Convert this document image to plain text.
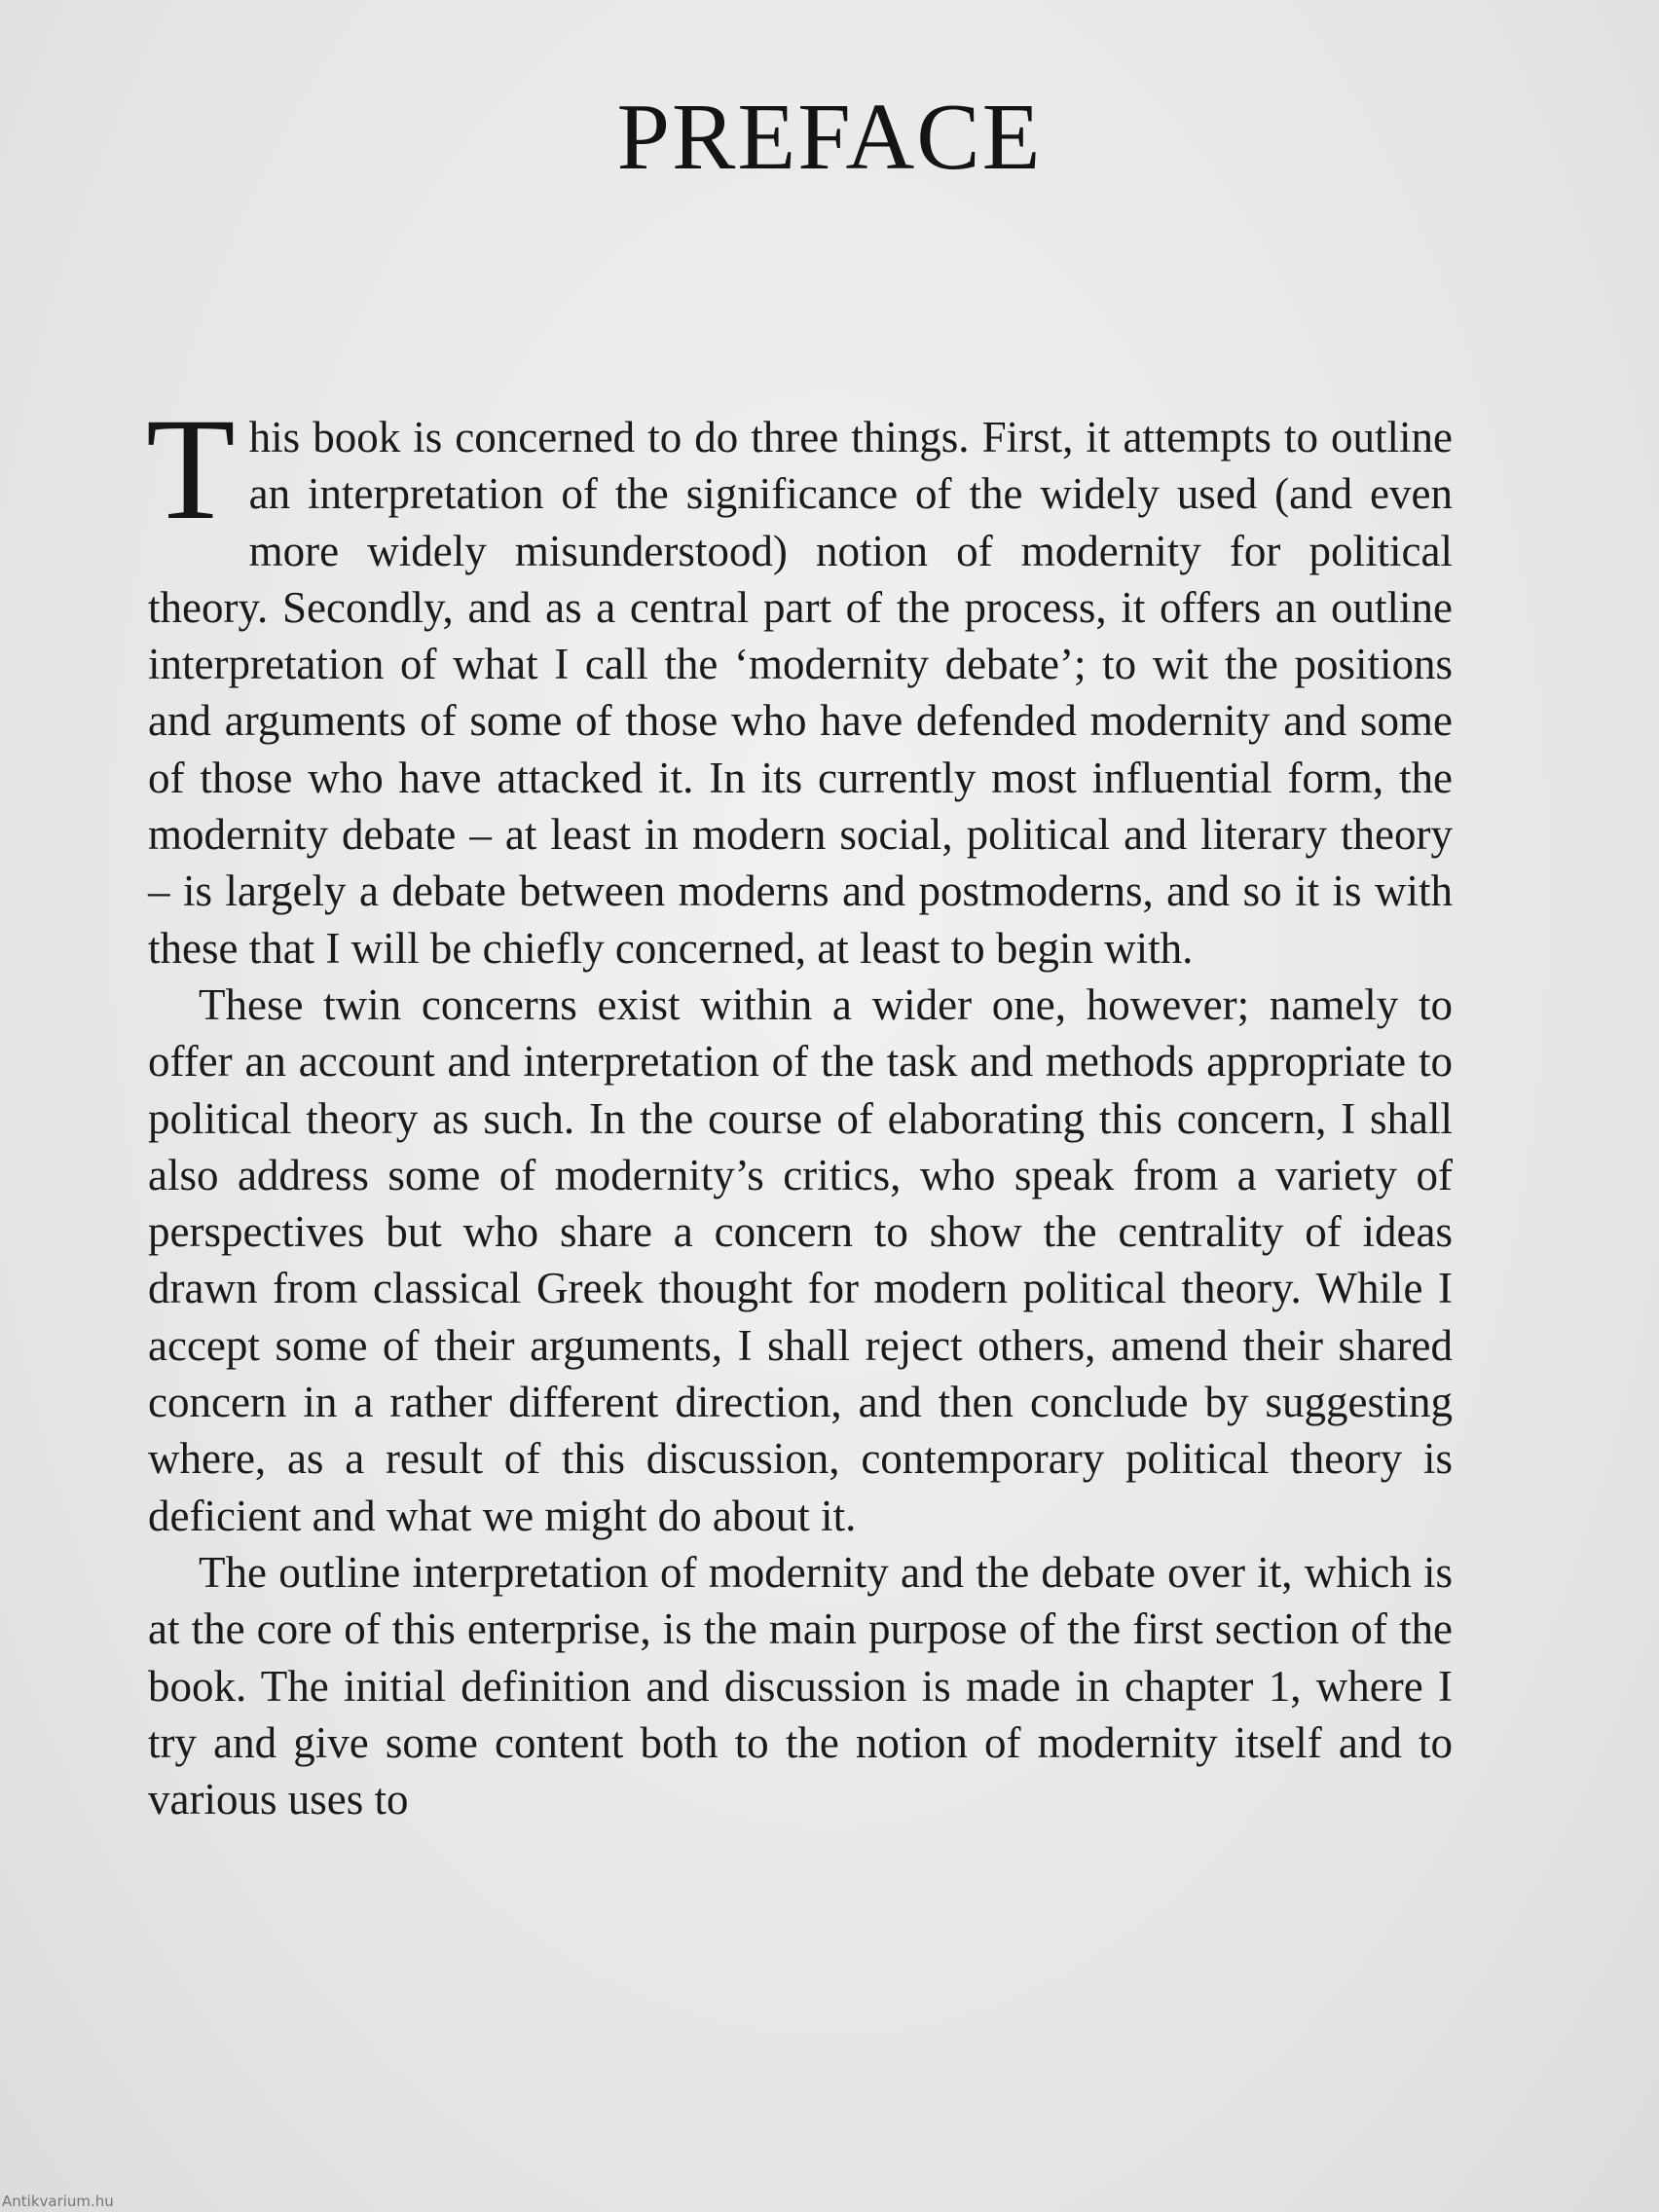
PREFACE

This book is concerned to do three things. First, it attempts to outline an interpretation of the significance of the widely used (and even more widely misunderstood) notion of modernity for political theory. Secondly, and as a central part of the process, it offers an outline interpretation of what I call the ‘modernity debate’; to wit the positions and arguments of some of those who have defended modernity and some of those who have attacked it. In its currently most influential form, the modernity debate – at least in modern social, political and literary theory – is largely a debate between moderns and postmoderns, and so it is with these that I will be chiefly concerned, at least to begin with.

These twin concerns exist within a wider one, however; namely to offer an account and interpretation of the task and methods appropriate to political theory as such. In the course of elaborating this concern, I shall also address some of modernity’s critics, who speak from a variety of perspectives but who share a concern to show the centrality of ideas drawn from classical Greek thought for modern political theory. While I accept some of their arguments, I shall reject others, amend their shared concern in a rather different direction, and then conclude by suggesting where, as a result of this discussion, contemporary political theory is deficient and what we might do about it.

The outline interpretation of modernity and the debate over it, which is at the core of this enterprise, is the main purpose of the first section of the book. The initial definition and discussion is made in chapter 1, where I try and give some content both to the notion of modernity itself and to various uses to

Antikvarium.hu
